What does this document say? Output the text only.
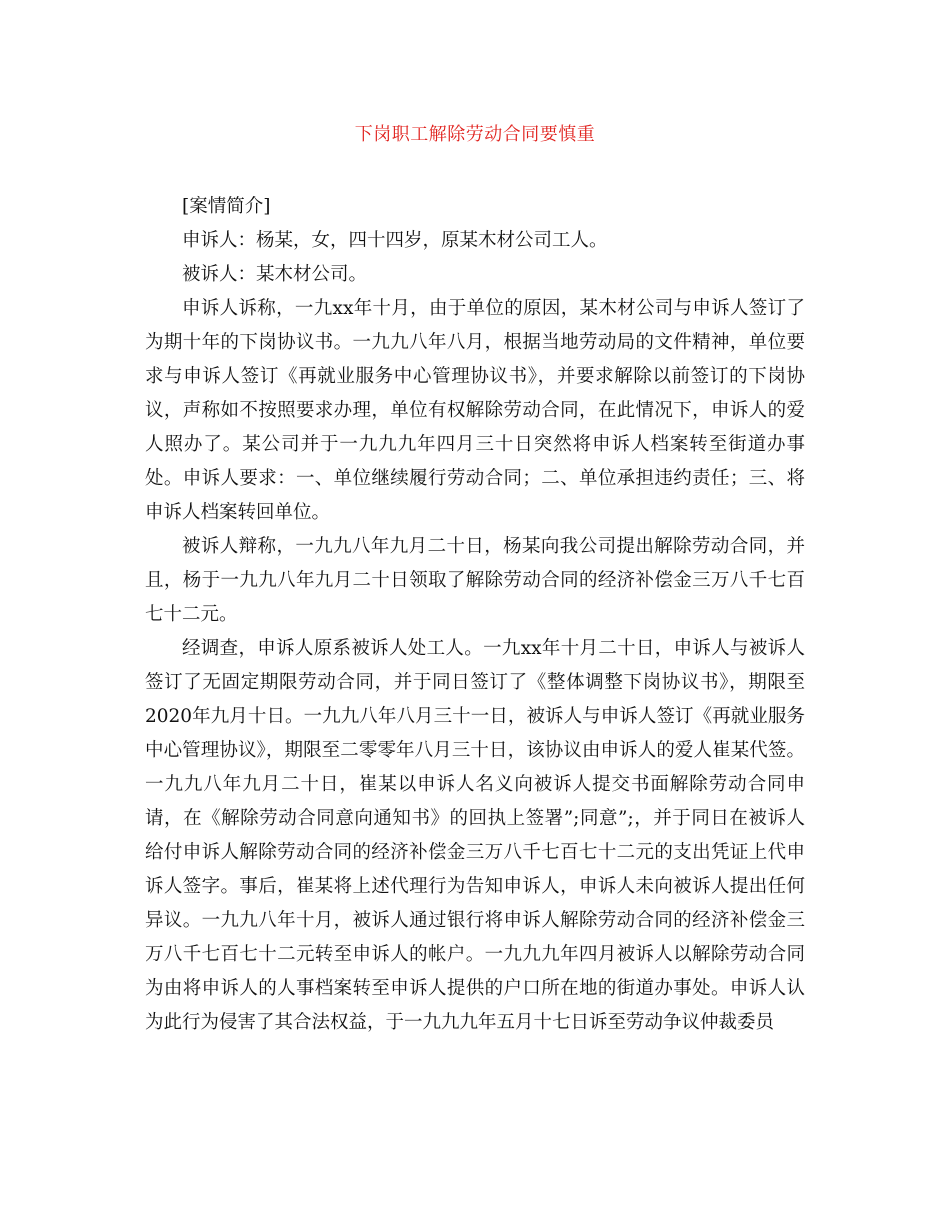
下岗职工解除劳动合同要慎重

[案情简介]

申诉人：杨某，女，四十四岁，原某木材公司工人。

被诉人：某木材公司。

申诉人诉称，一九xx年十月，由于单位的原因，某木材公司与申诉人签订了为期十年的下岗协议书。一九九八年八月，根据当地劳动局的文件精神，单位要求与申诉人签订《再就业服务中心管理协议书》，并要求解除以前签订的下岗协议，声称如不按照要求办理，单位有权解除劳动合同，在此情况下，申诉人的爱人照办了。某公司并于一九九九年四月三十日突然将申诉人档案转至街道办事处。申诉人要求：一、单位继续履行劳动合同；二、单位承担违约责任；三、将申诉人档案转回单位。

被诉人辩称，一九九八年九月二十日，杨某向我公司提出解除劳动合同，并且，杨于一九九八年九月二十日领取了解除劳动合同的经济补偿金三万八千七百七十二元。

经调查，申诉人原系被诉人处工人。一九xx年十月二十日，申诉人与被诉人签订了无固定期限劳动合同，并于同日签订了《整体调整下岗协议书》，期限至2020年九月十日。一九九八年八月三十一日，被诉人与申诉人签订《再就业服务中心管理协议》，期限至二零零年八月三十日，该协议由申诉人的爱人崔某代签。一九九八年九月二十日，崔某以申诉人名义向被诉人提交书面解除劳动合同申请，在《解除劳动合同意向通知书》的回执上签署”;同意”;，并于同日在被诉人给付申诉人解除劳动合同的经济补偿金三万八千七百七十二元的支出凭证上代申诉人签字。事后，崔某将上述代理行为告知申诉人，申诉人未向被诉人提出任何异议。一九九八年十月，被诉人通过银行将申诉人解除劳动合同的经济补偿金三万八千七百七十二元转至申诉人的帐户。一九九九年四月被诉人以解除劳动合同为由将申诉人的人事档案转至申诉人提供的户口所在地的街道办事处。申诉人认为此行为侵害了其合法权益，于一九九九年五月十七日诉至劳动争议仲裁委员
